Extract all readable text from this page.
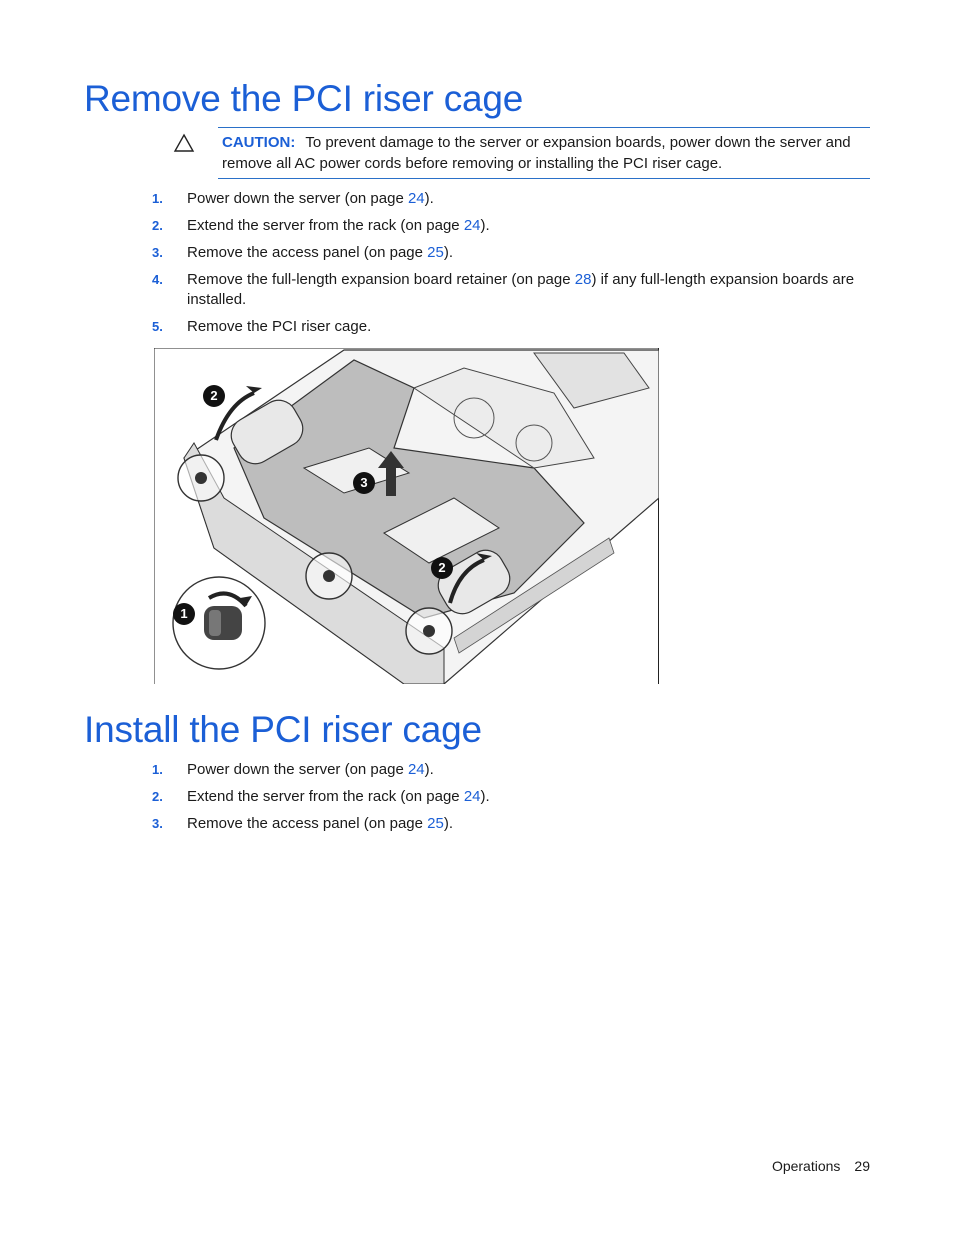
Remove the PCI riser cage
CAUTION: To prevent damage to the server or expansion boards, power down the server and remove all AC power cords before removing or installing the PCI riser cage.
1. Power down the server (on page 24).
2. Extend the server from the rack (on page 24).
3. Remove the access panel (on page 25).
4. Remove the full-length expansion board retainer (on page 28) if any full-length expansion boards are installed.
5. Remove the PCI riser cage.
1
2
2
3
Install the PCI riser cage
1. Power down the server (on page 24).
2. Extend the server from the rack (on page 24).
3. Remove the access panel (on page 25).
Operations 29
